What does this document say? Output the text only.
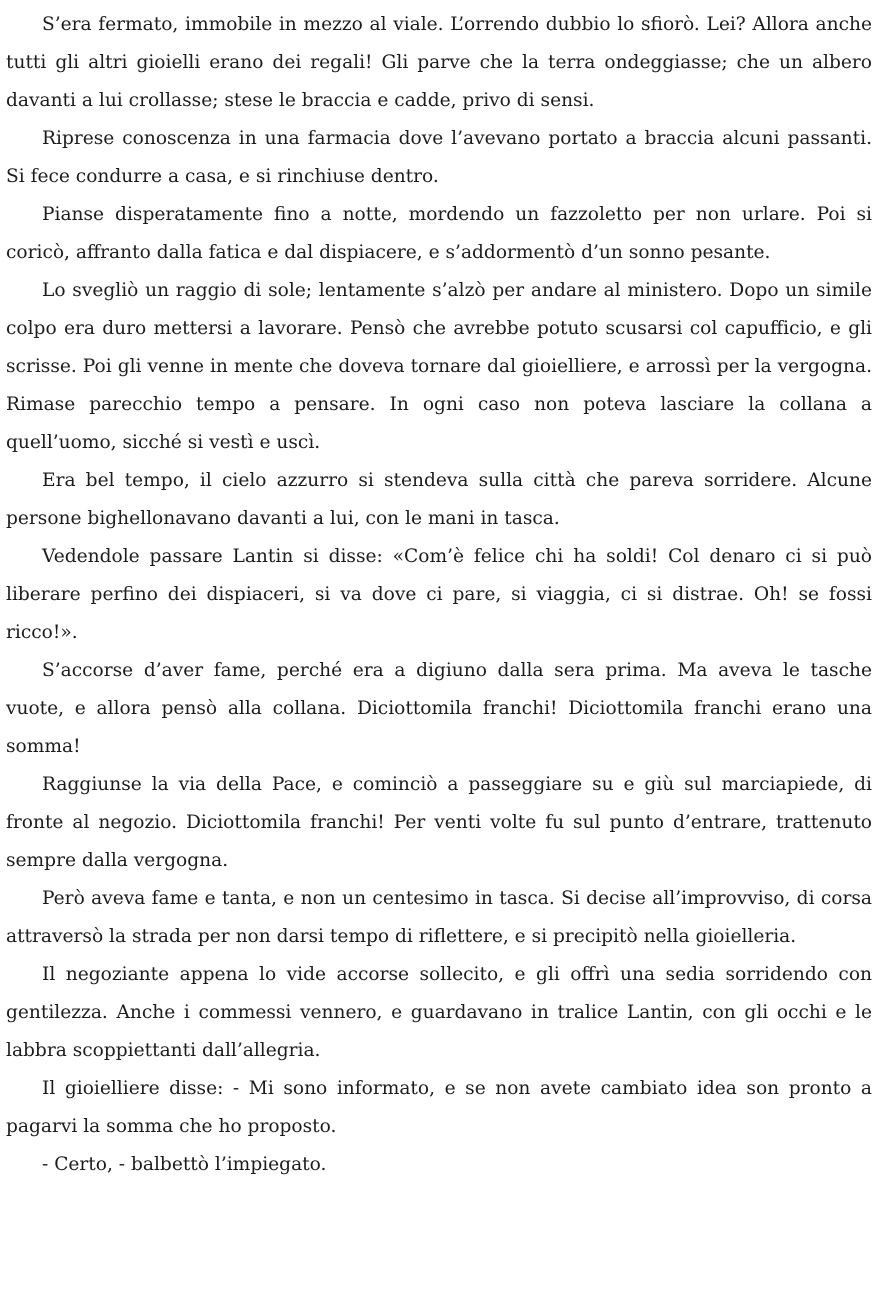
S’era fermato, immobile in mezzo al viale. L’orrendo dubbio lo sfiorò. Lei? Allora anche tutti gli altri gioielli erano dei regali! Gli parve che la terra ondeggiasse; che un albero davanti a lui crollasse; stese le braccia e cadde, privo di sensi.

Riprese conoscenza in una farmacia dove l’avevano portato a braccia alcuni passanti. Si fece condurre a casa, e si rinchiuse dentro.

Pianse disperatamente fino a notte, mordendo un fazzoletto per non urlare. Poi si coricò, affranto dalla fatica e dal dispiacere, e s’addormentò d’un sonno pesante.

Lo svegliò un raggio di sole; lentamente s’alzò per andare al ministero. Dopo un simile colpo era duro mettersi a lavorare. Pensò che avrebbe potuto scusarsi col capufficio, e gli scrisse. Poi gli venne in mente che doveva tornare dal gioielliere, e arrossì per la vergogna. Rimase parecchio tempo a pensare. In ogni caso non poteva lasciare la collana a quell’uomo, sicché si vestì e uscì.

Era bel tempo, il cielo azzurro si stendeva sulla città che pareva sorridere. Alcune persone bighellonavano davanti a lui, con le mani in tasca.

Vedendole passare Lantin si disse: «Com’è felice chi ha soldi! Col denaro ci si può liberare perfino dei dispiaceri, si va dove ci pare, si viaggia, ci si distrae. Oh! se fossi ricco!».

S’accorse d’aver fame, perché era a digiuno dalla sera prima. Ma aveva le tasche vuote, e allora pensò alla collana. Diciottomila franchi! Diciottomila franchi erano una somma!

Raggiunse la via della Pace, e cominciò a passeggiare su e giù sul marciapiede, di fronte al negozio. Diciottomila franchi! Per venti volte fu sul punto d’entrare, trattenuto sempre dalla vergogna.

Però aveva fame e tanta, e non un centesimo in tasca. Si decise all’improvviso, di corsa attraversò la strada per non darsi tempo di riflettere, e si precipitò nella gioielleria.

Il negoziante appena lo vide accorse sollecito, e gli offrì una sedia sorridendo con gentilezza. Anche i commessi vennero, e guardavano in tralice Lantin, con gli occhi e le labbra scoppiettanti dall’allegria.

Il gioielliere disse: - Mi sono informato, e se non avete cambiato idea son pronto a pagarvi la somma che ho proposto.

- Certo, - balbettò l’impiegato.
